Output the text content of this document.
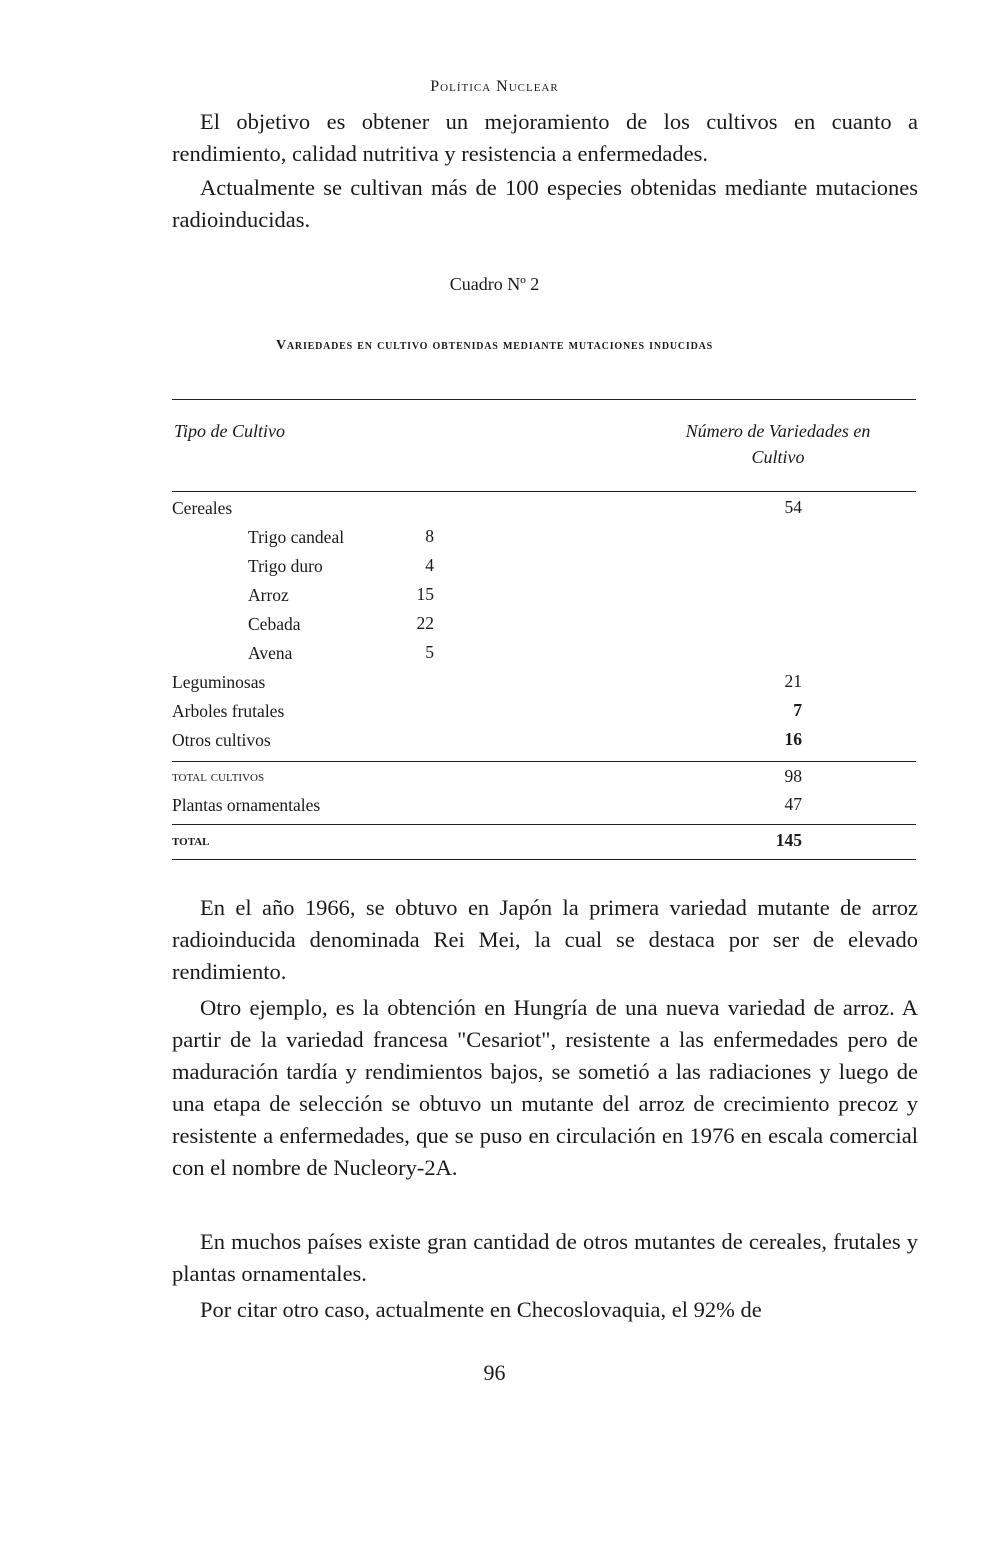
Política Nuclear

El objetivo es obtener un mejoramiento de los cultivos en cuanto a rendimiento, calidad nutritiva y resistencia a enfermedades.

Actualmente se cultivan más de 100 especies obtenidas mediante mutaciones radioinducidas.

Cuadro Nº 2
Variedades en cultivo obtenidas mediante mutaciones inducidas
Tipo de Cultivo	Número de Variedades en
Cultivo
Cereales	54
Trigo candeal	8
Trigo duro	4
Arroz	15
Cebada	22
Avena	5
Leguminosas	21
Arboles frutales	7
Otros cultivos	16
total cultivos	98
Plantas ornamentales	47
total	145

En el año 1966, se obtuvo en Japón la primera variedad mutante de arroz radioinducida denominada Rei Mei, la cual se destaca por ser de elevado rendimiento.

Otro ejemplo, es la obtención en Hungría de una nueva variedad de arroz. A partir de la variedad francesa "Cesariot", resistente a las enfermedades pero de maduración tardía y rendimientos bajos, se sometió a las radiaciones y luego de una etapa de selección se obtuvo un mutante del arroz de crecimiento precoz y resistente a enfermedades, que se puso en circulación en 1976 en escala comercial con el nombre de Nucleory-2A.

En muchos países existe gran cantidad de otros mutantes de cereales, frutales y plantas ornamentales.

Por citar otro caso, actualmente en Checoslovaquia, el 92% de

96
